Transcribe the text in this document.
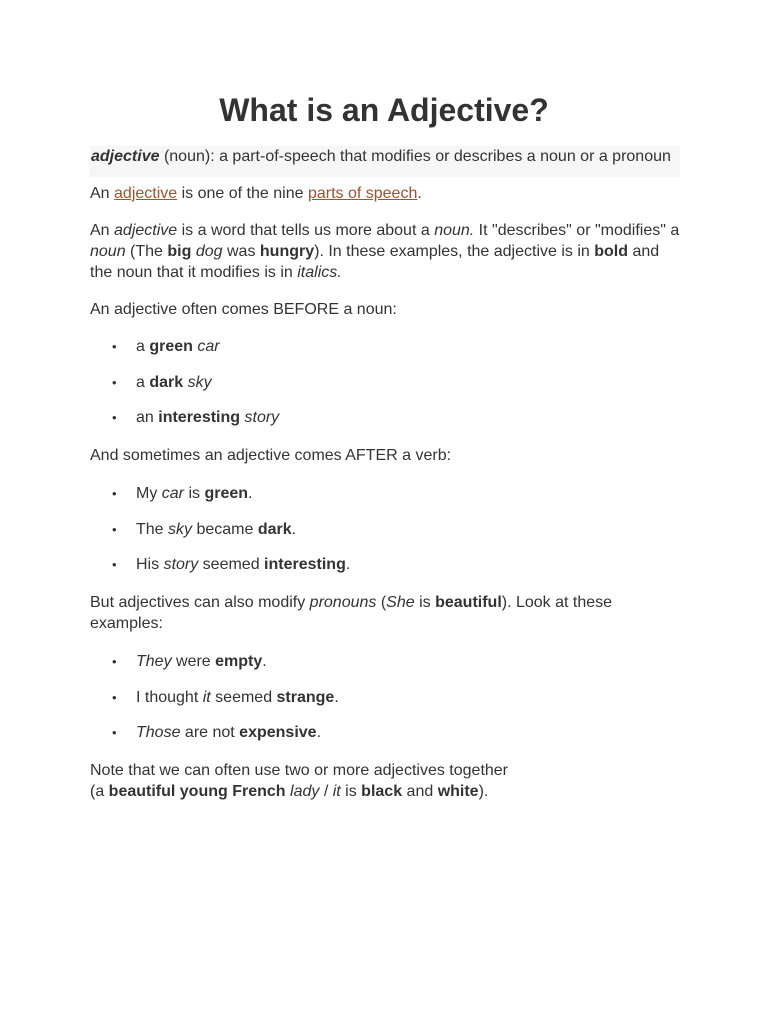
What is an Adjective?
adjective (noun): a part-of-speech that modifies or describes a noun or a pronoun

An adjective is one of the nine parts of speech.

An adjective is a word that tells us more about a noun. It "describes" or "modifies" a noun (The big dog was hungry). In these examples, the adjective is in bold and the noun that it modifies is in italics.

An adjective often comes BEFORE a noun:

• a green car
• a dark sky
• an interesting story

And sometimes an adjective comes AFTER a verb:

• My car is green.
• The sky became dark.
• His story seemed interesting.

But adjectives can also modify pronouns (She is beautiful). Look at these examples:

• They were empty.
• I thought it seemed strange.
• Those are not expensive.

Note that we can often use two or more adjectives together
(a beautiful young French lady / it is black and white).
